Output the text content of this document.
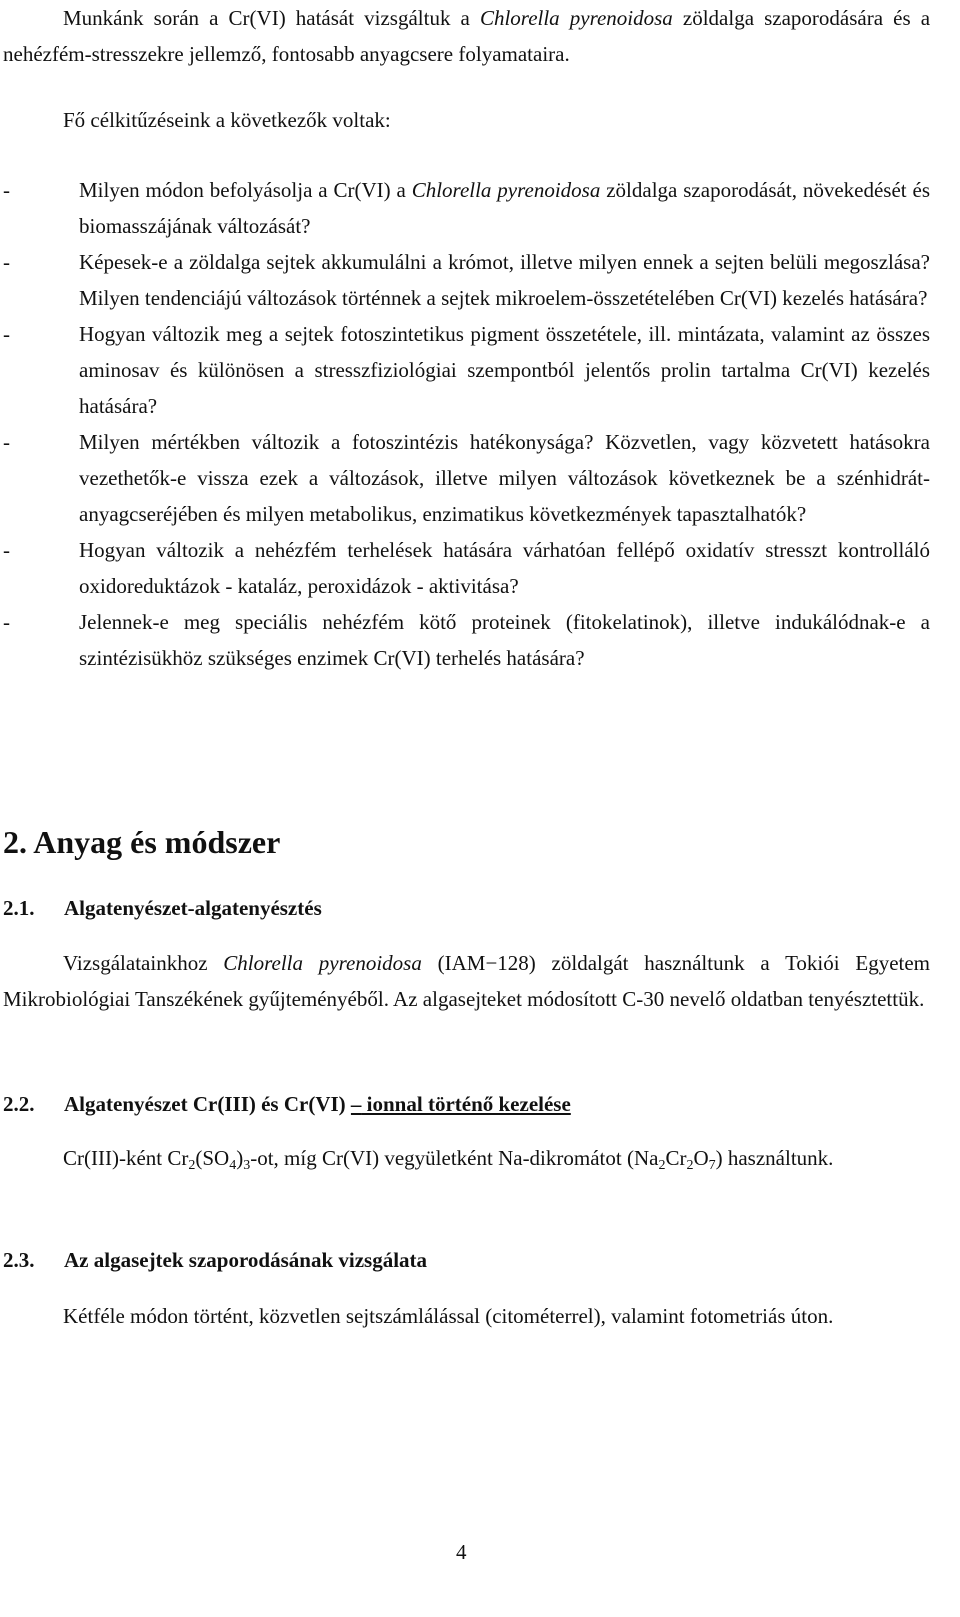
Munkánk során a Cr(VI) hatását vizsgáltuk a Chlorella pyrenoidosa zöldalga szaporodására és a nehézfém-stresszekre jellemző, fontosabb anyagcsere folyamataira.

Fő célkitűzéseink a következők voltak:

-	Milyen módon befolyásolja a Cr(VI) a Chlorella pyrenoidosa zöldalga szaporodását, növekedését és biomasszájának változását?
-	Képesek-e a zöldalga sejtek akkumulálni a krómot, illetve milyen ennek a sejten belüli megoszlása? Milyen tendenciájú változások történnek a sejtek mikroelem-összetételében Cr(VI) kezelés hatására?
-	Hogyan változik meg a sejtek fotoszintetikus pigment összetétele, ill. mintázata, valamint az összes aminosav és különösen a stresszfiziológiai szempontból jelentős prolin tartalma Cr(VI) kezelés hatására?
-	Milyen mértékben változik a fotoszintézis hatékonysága? Közvetlen, vagy közvetett hatásokra vezethetők-e vissza ezek a változások, illetve milyen változások következnek be a szénhidrát-anyagcseréjében és milyen metabolikus, enzimatikus következmények tapasztalhatók?
-	Hogyan változik a nehézfém terhelések hatására várhatóan fellépő oxidatív stresszt kontrolláló oxidoreduktázok - kataláz, peroxidázok - aktivitása?
-	Jelennek-e meg speciális nehézfém kötő proteinek (fitokelatinok), illetve indukálódnak-e a szintézisükhöz szükséges enzimek Cr(VI) terhelés hatására?
2. Anyag és módszer
2.1. Algatenyészet-algatenyésztés

Vizsgálatainkhoz Chlorella pyrenoidosa (IAM−128) zöldalgát használtunk a Tokiói Egyetem Mikrobiológiai Tanszékének gyűjteményéből. Az algasejteket módosított C-30 nevelő oldatban tenyésztettük.

2.2. Algatenyészet Cr(III) és Cr(VI) – ionnal történő kezelése

Cr(III)-ként $Cr_2(SO_4)_3-ot$, míg Cr(VI) vegyületként Na-dikromátot $(Na_2Cr_2O_7)$ használtunk.

2.3. Az algasejtek szaporodásának vizsgálata

Kétféle módon történt, közvetlen sejtszámlálással (citométerrel), valamint fotometriás úton.

4
